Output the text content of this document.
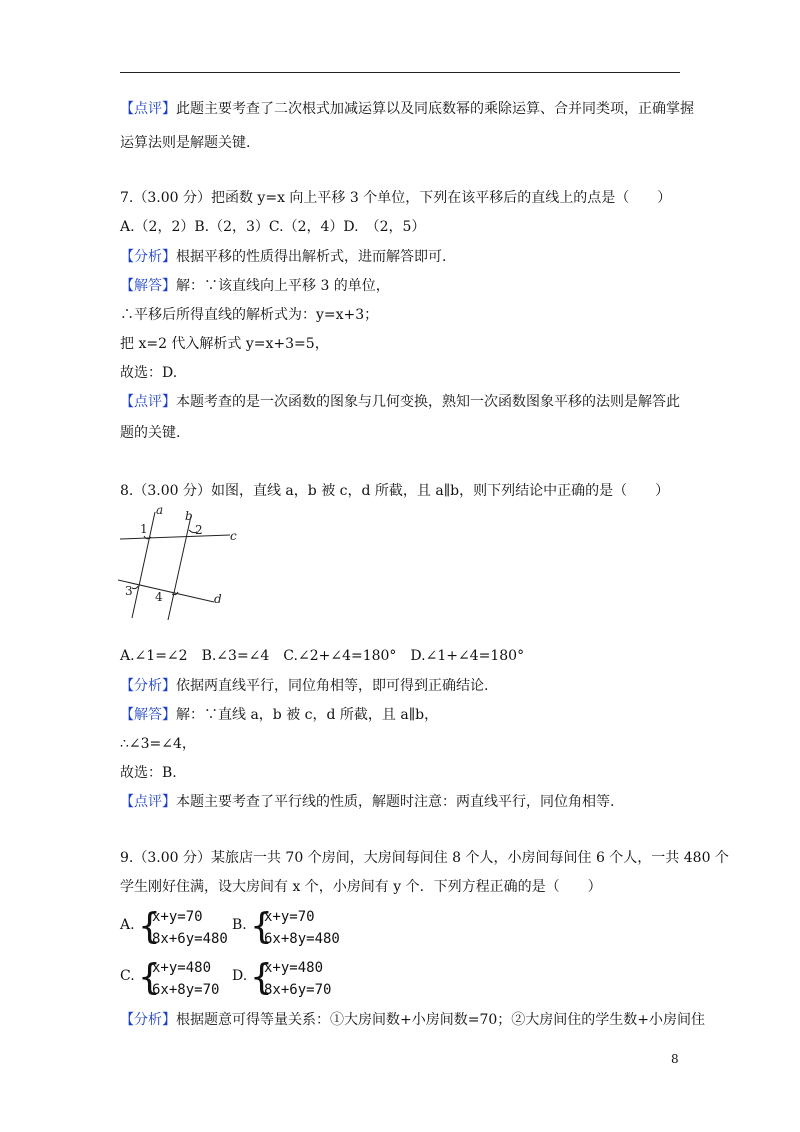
【点评】此题主要考查了二次根式加减运算以及同底数幂的乘除运算、合并同类项，正确掌握
运算法则是解题关键.
7.（3.00 分）把函数 y=x 向上平移 3 个单位，下列在该平移后的直线上的点是（　　）
A.（2，2）B.（2，3）C.（2，4）D.　（2，5）
【分析】根据平移的性质得出解析式，进而解答即可.
【解答】解：∵该直线向上平移 3 的单位，
∴平移后所得直线的解析式为：y=x+3；
把 x=2 代入解析式 y=x+3=5，
故选：D.
【点评】本题考查的是一次函数的图象与几何变换，熟知一次函数图象平移的法则是解答此
题的关键.
8.（3.00 分）如图，直线 a，b 被 c，d 所截，且 a∥b，则下列结论中正确的是（　　）
a b
c
d
1	2
3 4
A.∠1=∠2　B.∠3=∠4　C.∠2+∠4=180°　D.∠1+∠4=180°
【分析】依据两直线平行，同位角相等，即可得到正确结论.
【解答】解：∵直线 a，b 被 c，d 所截，且 a∥b，
∴∠3=∠4，
故选：B.
【点评】本题主要考查了平行线的性质，解题时注意：两直线平行，同位角相等.
9.（3.00 分）某旅店一共 70 个房间，大房间每间住 8 个人，小房间每间住 6 个人，一共 480 个
学生刚好住满，设大房间有 x 个，小房间有 y 个．下列方程正确的是（　　）
A. {
x+y=70
8x+6y=480
B. {
x+y=70
6x+8y=480
C. {
x+y=480
6x+8y=70
D. {
x+y=480
8x+6y=70
【分析】根据题意可得等量关系：①大房间数+小房间数=70；②大房间住的学生数+小房间住
8
